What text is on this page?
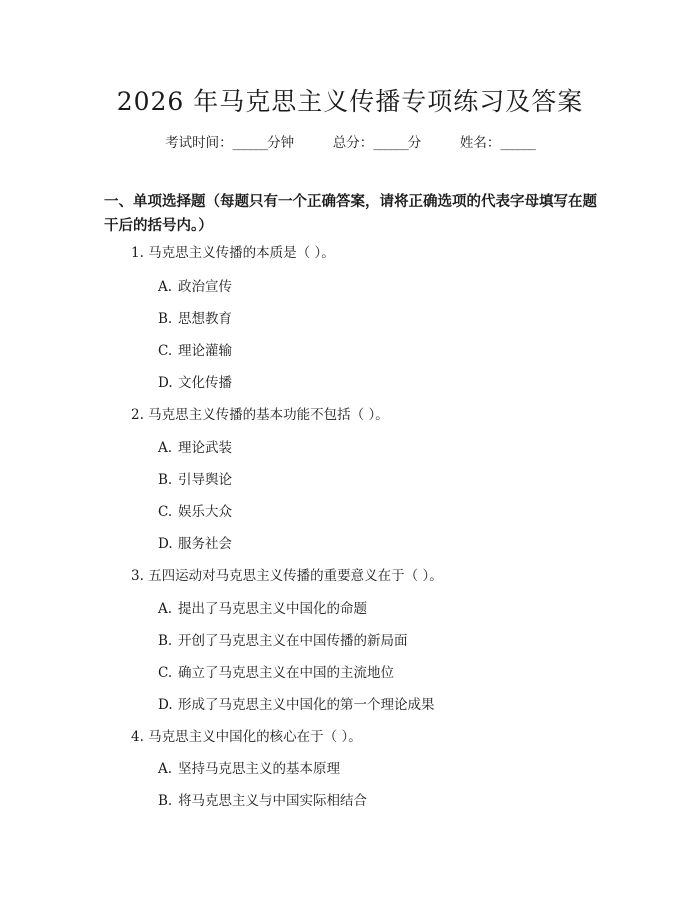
2026 年马克思主义传播专项练习及答案
考试时间：______分钟	总分：______分	姓名：______
一、单项选择题（每题只有一个正确答案，请将正确选项的代表字母填写在题干后的括号内。）
1. 马克思主义传播的本质是（ ）。
A. 政治宣传
B. 思想教育
C. 理论灌输
D. 文化传播
2. 马克思主义传播的基本功能不包括（ ）。
A. 理论武装
B. 引导舆论
C. 娱乐大众
D. 服务社会
3. 五四运动对马克思主义传播的重要意义在于（ ）。
A. 提出了马克思主义中国化的命题
B. 开创了马克思主义在中国传播的新局面
C. 确立了马克思主义在中国的主流地位
D. 形成了马克思主义中国化的第一个理论成果
4. 马克思主义中国化的核心在于（ ）。
A. 坚持马克思主义的基本原理
B. 将马克思主义与中国实际相结合
